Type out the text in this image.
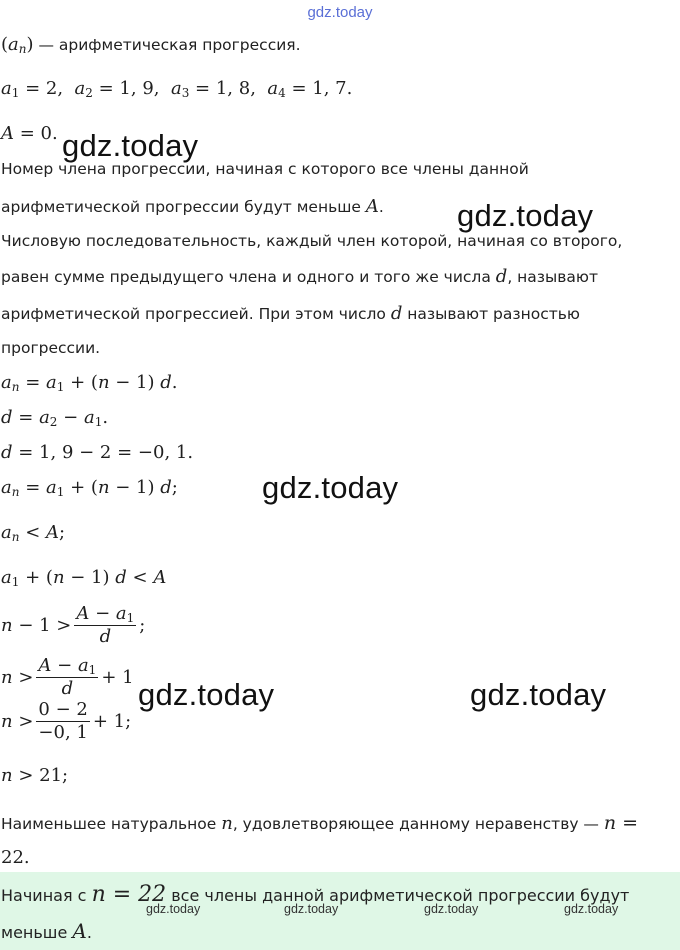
gdz.today
$(a_n)$ — арифметическая прогрессия.
$a_1 = 2$,  $a_2 = 1$, 9,  $a_3 = 1$, 8,  $a_4 = 1$, 7.
A = 0. gdz.today
Номер члена прогрессии, начиная с которого все члены данной
арифметической прогрессии будут меньше A. gdz.today
Числовую последовательность, каждый член которой, начиная со второго,
равен сумме предыдущего члена и одного и того же числа d, называют
арифметической прогрессией. При этом число d называют разностью
прогрессии.
$a_n = a_1 + (n - 1)$ d.
$d = a_2 - a_1$.
d = 1, 9 − 2 = −0, 1.
$a_n = a_1 + (n - 1)$ d;	gdz.today
$a_n < A$;
$a_1 + (n - 1) d < A$
$n - 1 > \frac{A - a_1}{d}$ ;
$n > \frac{A - a_1}{d} + 1$ gdz.today	gdz.today
$n > \frac{0 - 2}{-0, 1} + 1$;
n > 21;
Наименьшее натуральное n, удовлетворяющее данному неравенству — n =
22.
Начиная с n = 22 все члены данной арифметической прогрессии будут
gdz.today	gdz.today	gdz.today	gdz.today
меньше A.
